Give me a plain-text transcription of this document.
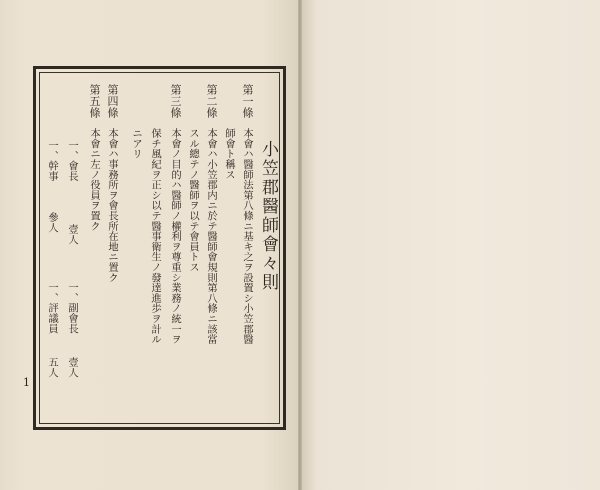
小笠郡醫師會々則
第一條
本會ハ醫師法第八條ニ基キ之ヲ設置シ小笠郡醫
師會ト稱ス
第二條
本會ハ小笠郡内ニ於テ醫師會規則第八條ニ該當
スル總テノ醫師ヲ以テ會員トス
第三條
本會ノ目的ハ醫師ノ權利ヲ尊重シ業務ノ統一ヲ
保チ風紀ヲ正シ以テ醫事衛生ノ發達進歩ヲ計ル
ニアリ
第四條
本會ハ事務所ヲ會長所在地ニ置ク
第五條
本會ニ左ノ役員ヲ置ク
一、會長
壹人
一、副會長
壹人
一、幹事
參人
一、評議員
五人
1
